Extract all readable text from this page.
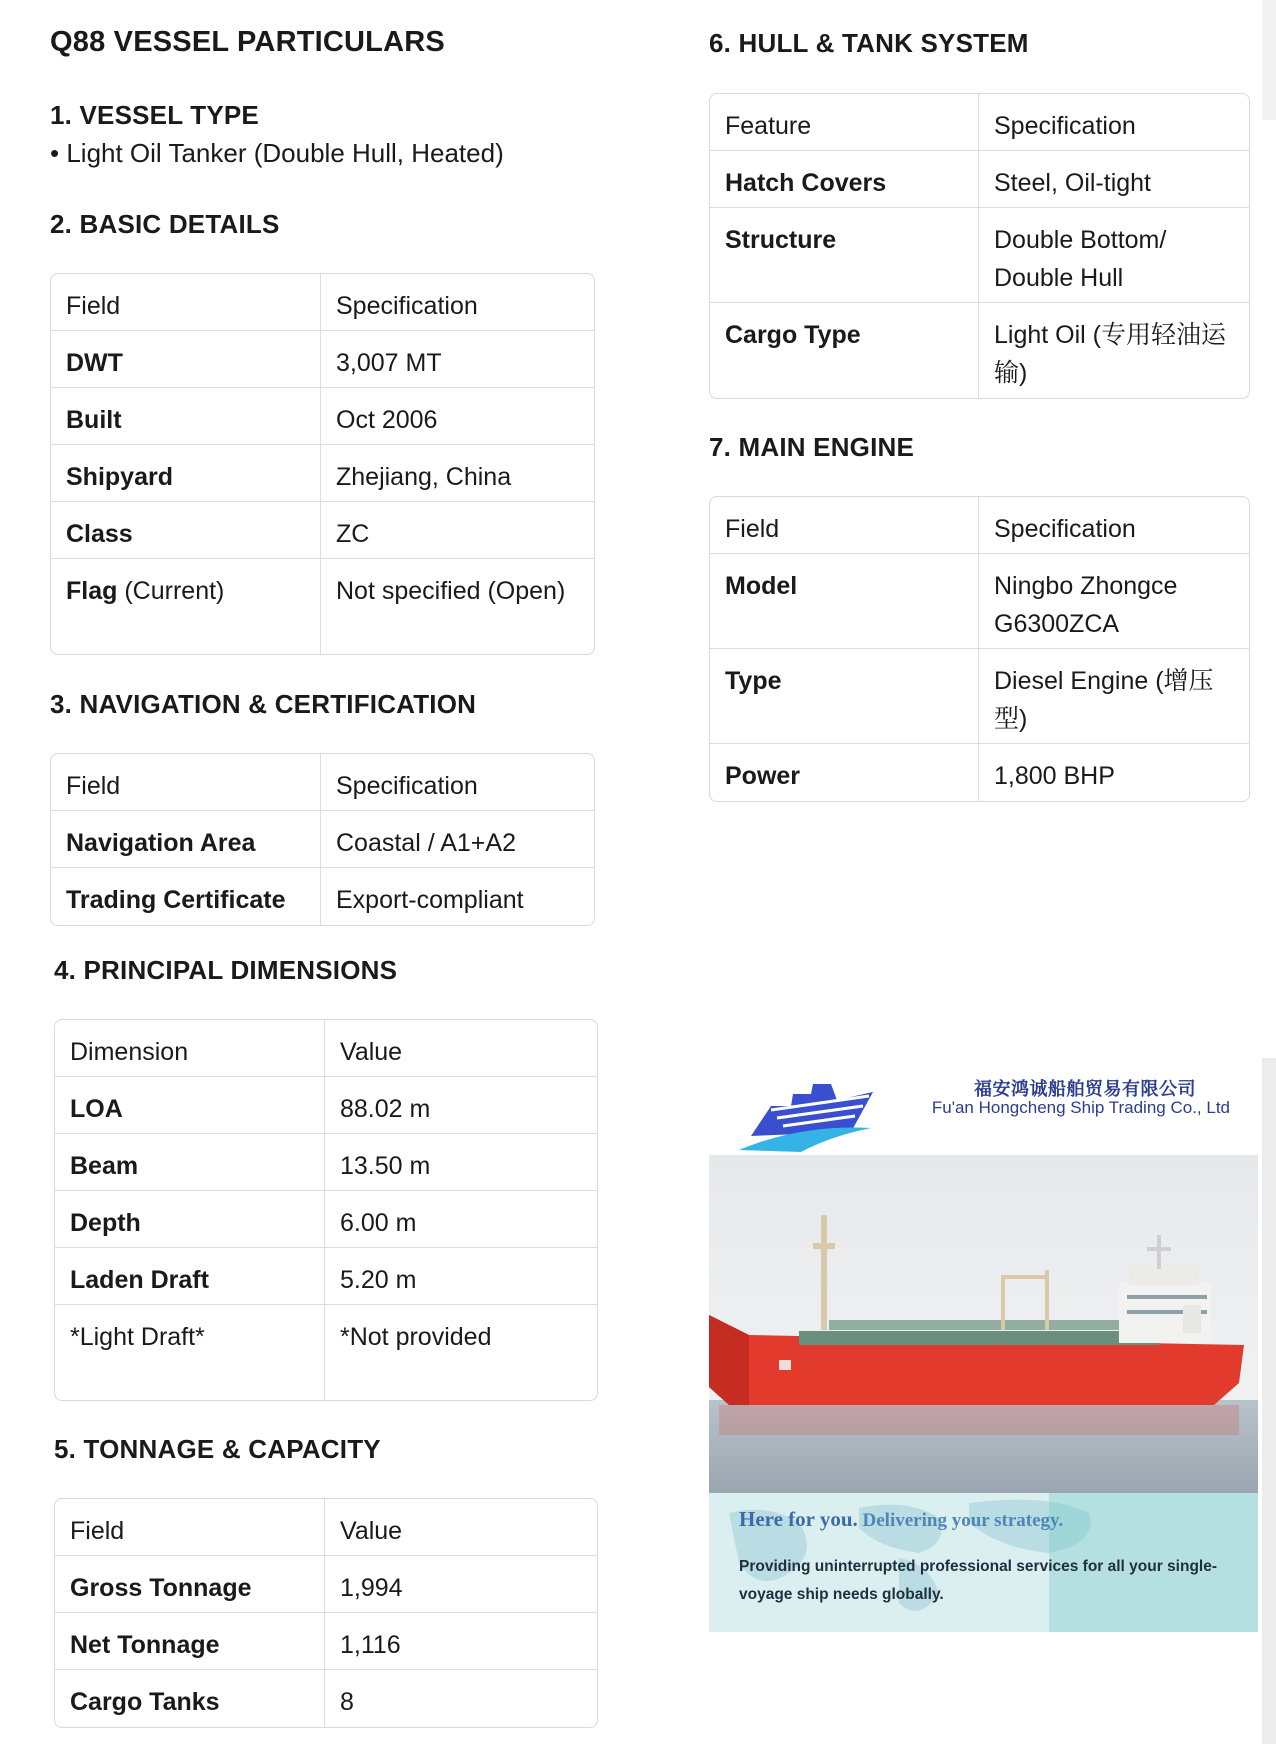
Q88 VESSEL PARTICULARS
1. VESSEL TYPE
• Light Oil Tanker (Double Hull, Heated)
2. BASIC DETAILS
Field	Specification
DWT	3,007 MT
Built	Oct 2006
Shipyard	Zhejiang, China
Class	ZC
Flag (Current)	Not specified (Open)
3. NAVIGATION & CERTIFICATION
Field	Specification
Navigation Area	Coastal / A1+A2
Trading Certificate	Export-compliant
4. PRINCIPAL DIMENSIONS
Dimension	Value
LOA	88.02 m
Beam	13.50 m
Depth	6.00 m
Laden Draft	5.20 m
*Light Draft*	*Not provided
5. TONNAGE & CAPACITY
Field	Value
Gross Tonnage	1,994
Net Tonnage	1,116
Cargo Tanks	8
6. HULL & TANK SYSTEM
Feature	Specification
Hatch Covers	Steel, Oil-tight
Structure	Double Bottom/ Double Hull
Cargo Type	Light Oil (专用轻油运输)
7. MAIN ENGINE
Field	Specification
Model	Ningbo Zhongce G6300ZCA
Type	Diesel Engine (增压型)
Power	1,800 BHP
福安鸿诚船舶贸易有限公司
Fu'an Hongcheng Ship Trading Co., Ltd
Here for you. Delivering your strategy.
Providing uninterrupted professional services for all your single-voyage ship needs globally.
